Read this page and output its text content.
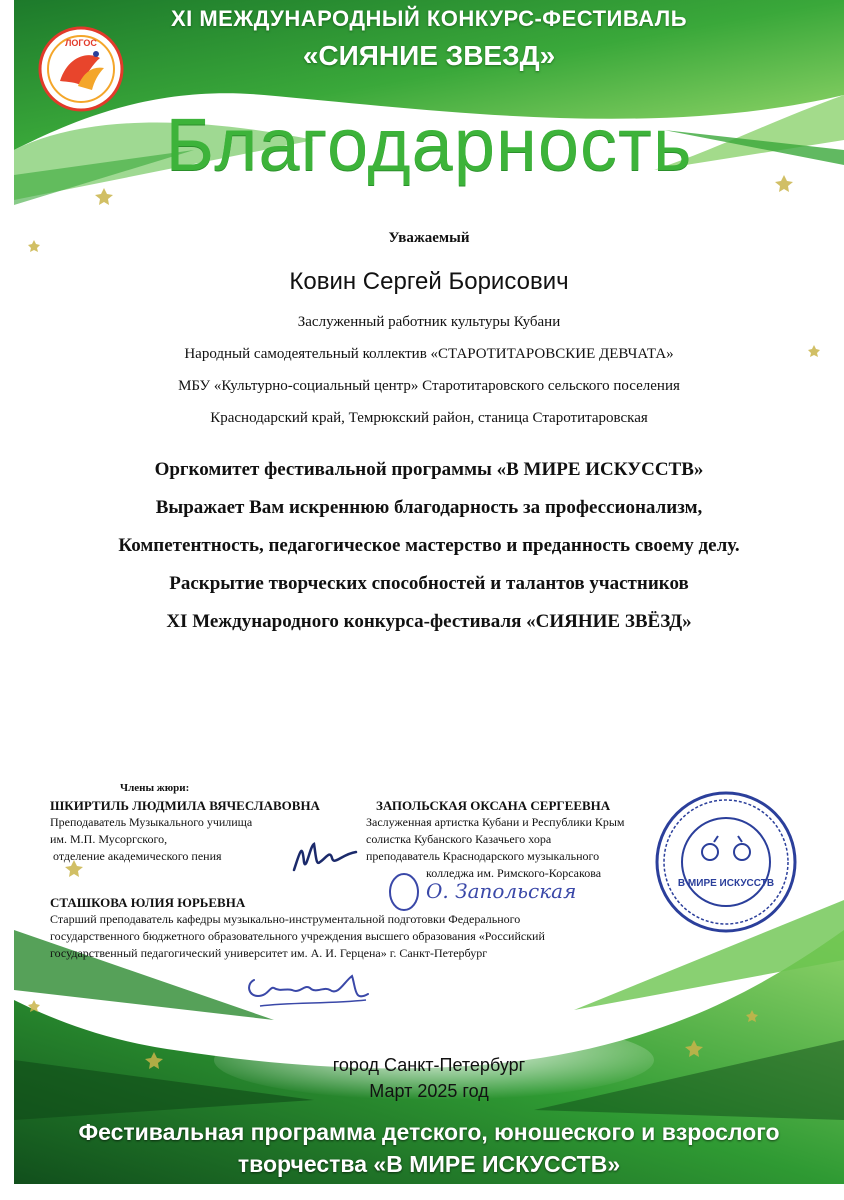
ЛОГОС
XI МЕЖДУНАРОДНЫЙ КОНКУРС-ФЕСТИВАЛЬ
«СИЯНИЕ ЗВЕЗД»
Благодарность
Уважаемый
Ковин Сергей Борисович
Заслуженный работник культуры Кубани
Народный самодеятельный коллектив «СТАРОТИТАРОВСКИЕ ДЕВЧАТА»
МБУ «Культурно-социальный центр» Старотитаровского сельского поселения
Краснодарский край, Темрюкский район, станица Старотитаровская
Оргкомитет фестивальной программы «В МИРЕ ИСКУССТВ»
Выражает Вам искреннюю благодарность за профессионализм,
Компетентность, педагогическое мастерство и преданность своему делу.
Раскрытие творческих способностей и талантов участников
XI Международного конкурса-фестиваля «СИЯНИЕ ЗВЁЗД»
Члены жюри:
ШКИРТИЛЬ ЛЮДМИЛА ВЯЧЕСЛАВОВНА
Преподаватель Музыкального училища
им. М.П. Мусоргского,
отделение академического пения
ЗАПОЛЬСКАЯ ОКСАНА СЕРГЕЕВНА
Заслуженная артистка Кубани и Республики Крым
солистка Кубанского Казачьего хора
преподаватель Краснодарского музыкального
колледжа им. Римского-Корсакова
О. Запольская
СТАШКОВА ЮЛИЯ ЮРЬЕВНА
Старший преподаватель кафедры музыкально-инструментальной подготовки Федерального
государственного бюджетного образовательного учреждения высшего образования «Российский
государственный педагогический университет им. А. И. Герцена» г. Санкт-Петербург
В МИРЕ ИСКУССТВ
город Санкт-Петербург
Март 2025 год
Фестивальная программа детского, юношеского и взрослого
творчества «В МИРЕ ИСКУССТВ»
